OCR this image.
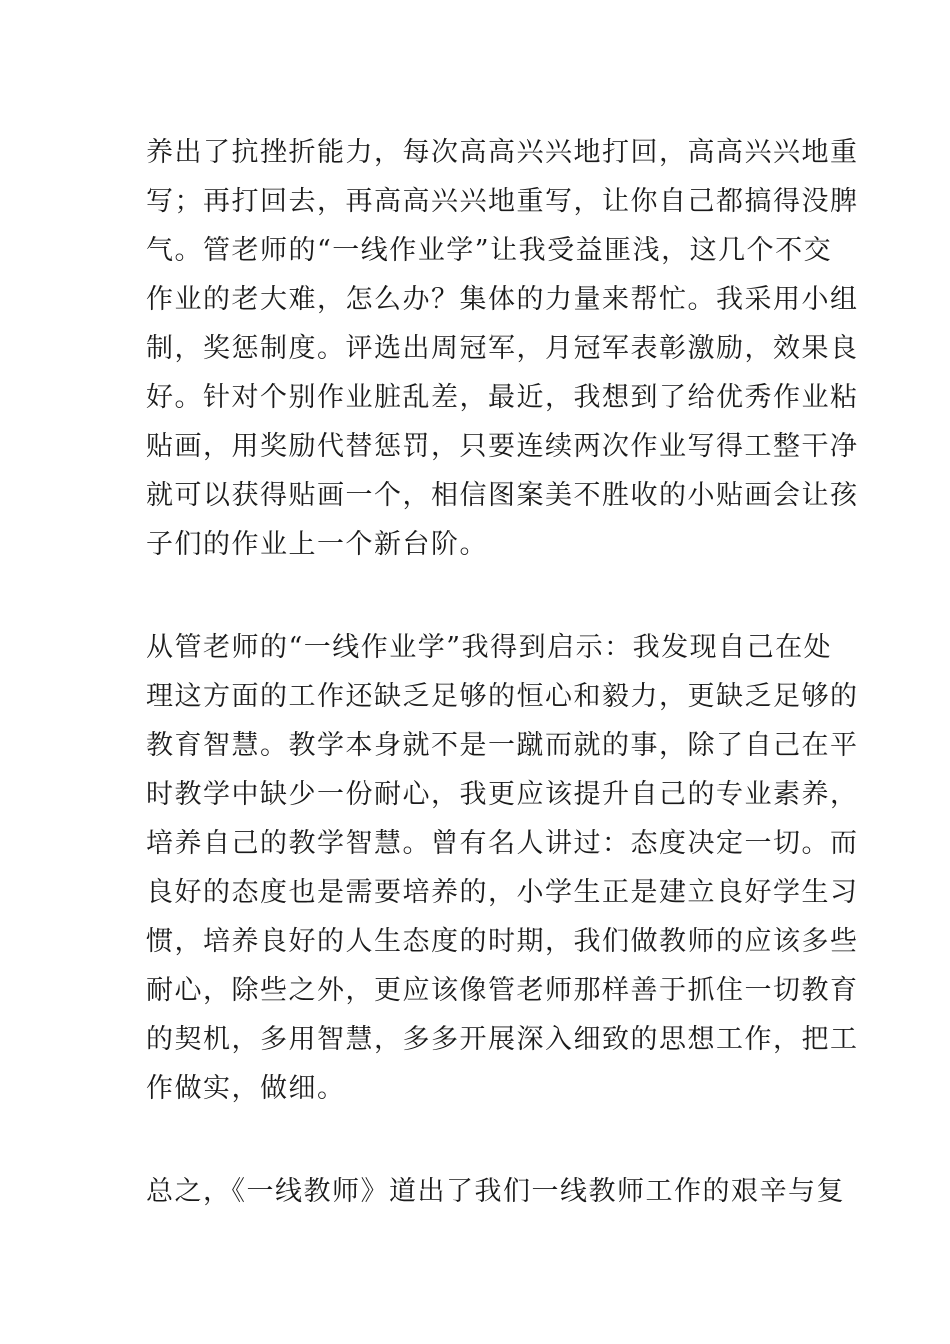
养出了抗挫折能力，每次高高兴兴地打回，高高兴兴地重
写；再打回去，再高高兴兴地重写，让你自己都搞得没脾
气。管老师的“一线作业学”让我受益匪浅，这几个不交
作业的老大难，怎么办？集体的力量来帮忙。我采用小组
制，奖惩制度。评选出周冠军，月冠军表彰激励，效果良
好。针对个别作业脏乱差，最近，我想到了给优秀作业粘
贴画，用奖励代替惩罚，只要连续两次作业写得工整干净
就可以获得贴画一个，相信图案美不胜收的小贴画会让孩
子们的作业上一个新台阶。
从管老师的“一线作业学”我得到启示：我发现自己在处
理这方面的工作还缺乏足够的恒心和毅力，更缺乏足够的
教育智慧。教学本身就不是一蹴而就的事，除了自己在平
时教学中缺少一份耐心，我更应该提升自己的专业素养，
培养自己的教学智慧。曾有名人讲过：态度决定一切。而
良好的态度也是需要培养的，小学生正是建立良好学生习
惯，培养良好的人生态度的时期，我们做教师的应该多些
耐心，除些之外，更应该像管老师那样善于抓住一切教育
的契机，多用智慧，多多开展深入细致的思想工作，把工
作做实，做细。
总之，《一线教师》道出了我们一线教师工作的艰辛与复
